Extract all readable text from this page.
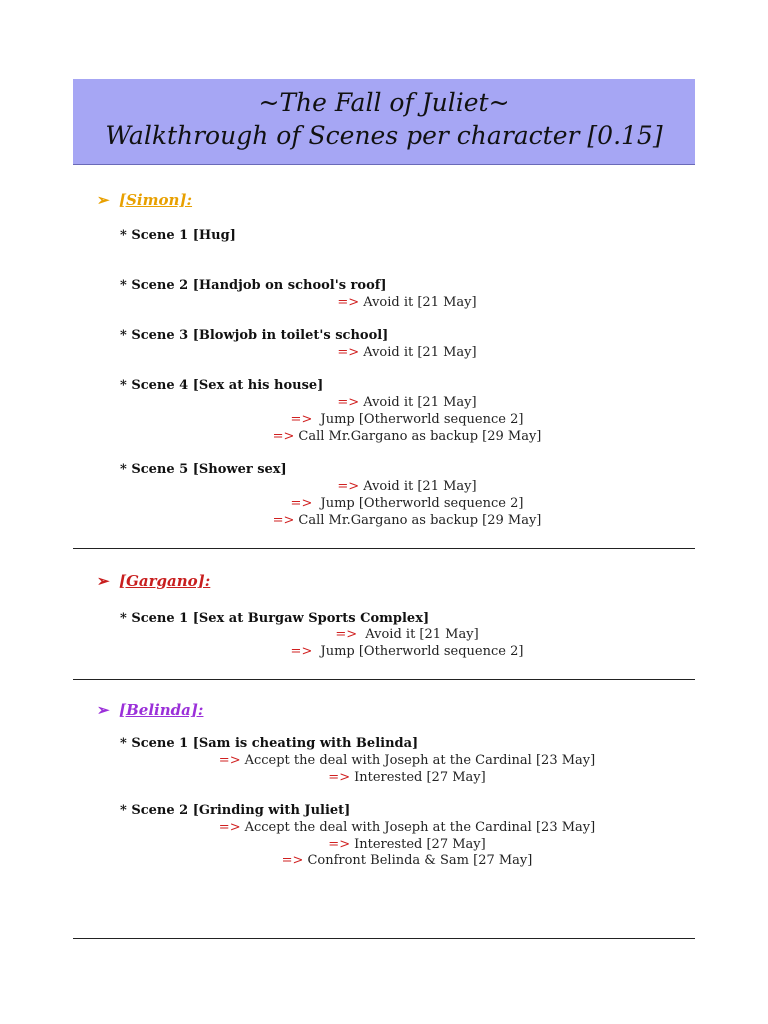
~The Fall of Juliet~
Walkthrough of Scenes per character [0.15]
➢ [Simon]:
* Scene 1 [Hug]
* Scene 2 [Handjob on school's roof]
=> Avoid it [21 May]
* Scene 3 [Blowjob in toilet's school]
=> Avoid it [21 May]
* Scene 4 [Sex at his house]
=> Avoid it [21 May]
=> Jump [Otherworld sequence 2]
=> Call Mr.Gargano as backup [29 May]
* Scene 5 [Shower sex]
=> Avoid it [21 May]
=> Jump [Otherworld sequence 2]
=> Call Mr.Gargano as backup [29 May]
➢ [Gargano]:
* Scene 1 [Sex at Burgaw Sports Complex]
=> Avoid it [21 May]
=> Jump [Otherworld sequence 2]
➢ [Belinda]:
* Scene 1 [Sam is cheating with Belinda]
=> Accept the deal with Joseph at the Cardinal [23 May]
=> Interested [27 May]
* Scene 2 [Grinding with Juliet]
=> Accept the deal with Joseph at the Cardinal [23 May]
=> Interested [27 May]
=> Confront Belinda & Sam [27 May]
